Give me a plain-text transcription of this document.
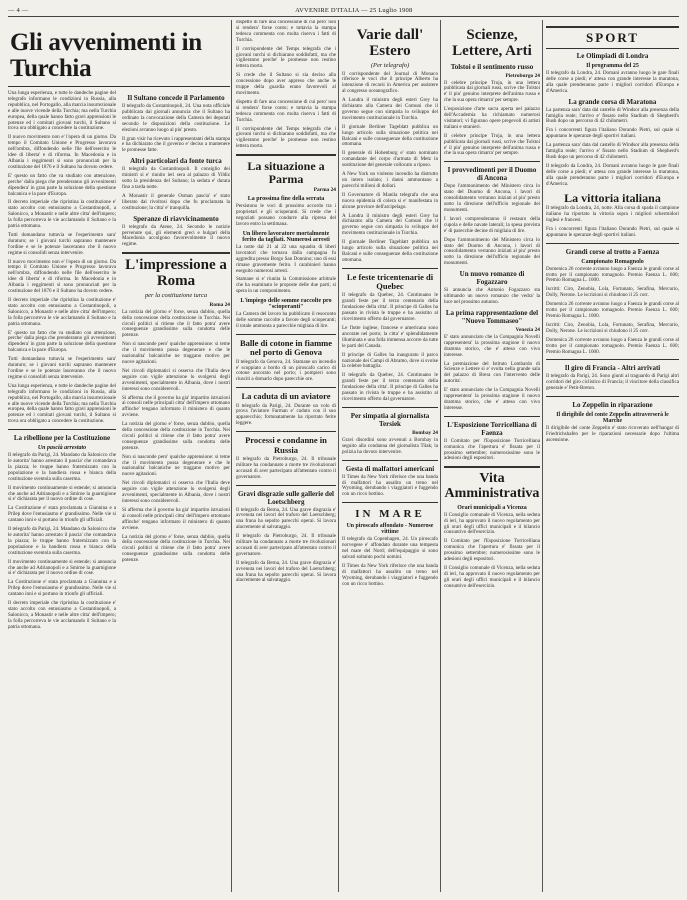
— 4 —	AVVENIRE D'ITALIA — 25 Luglio 1908
Gli avvenimenti in Turchia

Una lunga esperienza, e tutte le dandeche pagine del telegrafo informano le condizioni in Russia, alla repubblica, nel Portogallo, alla marcia insurrezionale e alle nuove vicende della Turchia; ma nella Turchia europea, della quale hanno fatto gravi apprensioni le potenze ed i comitati giovani turchi, il Sultano si trova ora obbligato a concedere la costituzione.

Il nuovo movimento non e' l'opera di un giorno. Da tempo il Comitato Unione e Progresso lavorava nell'ombra, diffondendo nelle file dell'esercito le idee di liberta' e di riforma. In Macedonia e in Albania i reggimenti si sono pronunciati per la costituzione del 1876 e il Sultano ha dovuto cedere.

E' questo un fatto che va studiato con attenzione, perche' dalla piega che prenderanno gli avvenimenti dipendera' in gran parte la soluzione della questione balcanica e la pace d'Europa.

Il decreto imperiale che ripristina la costituzione e' stato accolto con entusiasmo a Costantinopoli, a Salonicco, a Monastir e nelle altre citta' dell'impero; la folla percorreva le vie acclamando il Sultano e la patria ottomana.

Tutti domandano tuttavia se l'esperimento sara' duraturo; se i giovani turchi sapranno mantenere l'ordine e se le potenze lasceranno che il nuovo regime si consolidi senza intervenire.

Il nuovo movimento non e' l'opera di un giorno. Da tempo il Comitato Unione e Progresso lavorava nell'ombra, diffondendo nelle file dell'esercito le idee di liberta' e di riforma. In Macedonia e in Albania i reggimenti si sono pronunciati per la costituzione del 1876 e il Sultano ha dovuto cedere.

Il decreto imperiale che ripristina la costituzione e' stato accolto con entusiasmo a Costantinopoli, a Salonicco, a Monastir e nelle altre citta' dell'impero; la folla percorreva le vie acclamando il Sultano e la patria ottomana.

E' questo un fatto che va studiato con attenzione, perche' dalla piega che prenderanno gli avvenimenti dipendera' in gran parte la soluzione della questione balcanica e la pace d'Europa.

Tutti domandano tuttavia se l'esperimento sara' duraturo; se i giovani turchi sapranno mantenere l'ordine e se le potenze lasceranno che il nuovo regime si consolidi senza intervenire.

Una lunga esperienza, e tutte le dandeche pagine del telegrafo informano le condizioni in Russia, alla repubblica, nel Portogallo, alla marcia insurrezionale e alle nuove vicende della Turchia; ma nella Turchia europea, della quale hanno fatto gravi apprensioni le potenze ed i comitati giovani turchi, il Sultano si trova ora obbligato a concedere la costituzione.

La ribellione per la Costituzione
Un pascià arrestato

Il telegrafo da Parigi, 24. Mandano da Salonicco che le autorita' hanno arrestato il pascia' che comandava la piazza; le truppe hanno fraternizzato con la popolazione e la bandiera rossa e bianca della costituzione sventola sulla caserma.

Il movimento continuamente si estende; si annuncia che anche ad Adrianopoli e a Smirne la guarnigione si e' dichiarata per il nuovo ordine di cose.

La Costituzione e' stata proclamata a Giannina e a Prilep dove l'entusiasmo e' grandissimo. Nelle vie si cantano inni e si portano in trionfo gli ufficiali.

Il telegrafo da Parigi, 24. Mandano da Salonicco che le autorita' hanno arrestato il pascia' che comandava la piazza; le truppe hanno fraternizzato con la popolazione e la bandiera rossa e bianca della costituzione sventola sulla caserma.

Il movimento continuamente si estende; si annuncia che anche ad Adrianopoli e a Smirne la guarnigione si e' dichiarata per il nuovo ordine di cose.

La Costituzione e' stata proclamata a Giannina e a Prilep dove l'entusiasmo e' grandissimo. Nelle vie si cantano inni e si portano in trionfo gli ufficiali.

Il decreto imperiale che ripristina la costituzione e' stato accolto con entusiasmo a Costantinopoli, a Salonicco, a Monastir e nelle altre citta' dell'impero; la folla percorreva le vie acclamando il Sultano e la patria ottomana.

Il Sultano concede il Parlamento

Il telegrafo da Costantinopoli, 24. Una nota ufficiale pubblicata dai giornali annuncia che il Sultano ha ordinato la convocazione della Camera dei deputati secondo le disposizioni della costituzione. Le elezioni avranno luogo al piu' presto.

Il gran visir ha ricevuto i rappresentanti della stampa e ha dichiarato che il governo e' deciso a mantenere le promesse fatte.

Altri particolari da fonte turca

Il telegrafo da Costantinopoli. Il consiglio dei ministri si e' riunito ieri sera al palazzo di Yildiz sotto la presidenza del Sultano; la seduta e' durata fino a tarda notte.

A Monastir il generale Osman pascia' e' stato liberato dai rivoltosi dopo che fu proclamata la costituzione; la citta' e' tranquilla.

Speranze di riavvicinamento

Il telegrafo da Atene, 24. Secondo le notizie pervenute qui, gli elementi greci e bulgari della Macedonia accolgono favorevolmente il nuovo regime.

L'impressione a Roma
per la costituzione turca
Roma 24

La notizia del giorno e' forse, senza dubbio, quella della concessione della costituzione in Turchia. Nei circoli politici si ritiene che il fatto potra' avere conseguenze grandissime sulla condotta delle potenze.

Non si nasconde pero' qualche apprensione: si teme che il movimento possa degenerare e che le nazionalita' balcaniche ne traggano motivo per nuove agitazioni.

Nei circoli diplomatici si osserva che l'Italia deve seguire con vigile attenzione lo svolgersi degli avvenimenti, specialmente in Albania, dove i nostri interessi sono considerevoli.

Si afferma che il governo ha gia' impartito istruzioni ai consoli nelle principali citta' dell'impero ottomano affinche' tengano informato il ministero di quanto avviene.

La notizia del giorno e' forse, senza dubbio, quella della concessione della costituzione in Turchia. Nei circoli politici si ritiene che il fatto potra' avere conseguenze grandissime sulla condotta delle potenze.

Non si nasconde pero' qualche apprensione: si teme che il movimento possa degenerare e che le nazionalita' balcaniche ne traggano motivo per nuove agitazioni.

Nei circoli diplomatici si osserva che l'Italia deve seguire con vigile attenzione lo svolgersi degli avvenimenti, specialmente in Albania, dove i nostri interessi sono considerevoli.

Si afferma che il governo ha gia' impartito istruzioni ai consoli nelle principali citta' dell'impero ottomano affinche' tengano informato il ministero di quanto avviene.

La notizia del giorno e' forse, senza dubbio, quella della concessione della costituzione in Turchia. Nei circoli politici si ritiene che il fatto potra' avere conseguenze grandissime sulla condotta delle potenze.

dispetto di fare una concessione di cui pero' non si rendera' forse conto; e tuttavia la stampa tedesca commenta con molta riserva i fatti di Turchia.

Il corrispondente del Temps telegrafa che i giovani turchi si dichiarano soddisfatti, ma che vigileranno perche' le promesse non restino lettera morta.

Si crede che il Sultano si sia deciso alla concessione dopo aver appreso che anche le truppe della guardia erano favorevoli al movimento.

dispetto di fare una concessione di cui pero' non si rendera' forse conto; e tuttavia la stampa tedesca commenta con molta riserva i fatti di Turchia.

Il corrispondente del Temps telegrafa che i giovani turchi si dichiarano soddisfatti, ma che vigileranno perche' le promesse non restino lettera morta.

La situazione a Parma
Parma 24
La prossima fine della serrata

Persistono le voci di prossimo accordo tra i proprietari e gli scioperanti. Si crede che i negoziati possano condurre alla ripresa del lavoro entro la settimana.

Un libero lavoratore mortalmente ferito da tagliati. Numerosi arresti

La notte dal 21 al 22 una squadra di liberi lavoratori che tornava dalla campagna fu aggredita presso Borgo San Donnino; uno di essi rimase gravemente ferito. I carabinieri hanno eseguito numerosi arresti.

Stamane si e' riunita la Commissione arbitrale che ha esaminato le proposte delle due parti; si spera in un componimento.

L'impiego delle somme raccolte pro "scioperanti"

La Camera del lavoro ha pubblicato il resoconto delle somme raccolte a favore degli scioperanti; il totale ammonta a parecchie migliaia di lire.

Balle di cotone in fiamme nel porto di Genova

Il telegrafo da Genova, 24. Stamane un incendio e' scoppiato a bordo di un piroscafo carico di cotone ancorato nel porto; i pompieri sono riusciti a domarlo dopo parecchie ore.

La caduta di un aviatore

Il telegrafo da Parigi, 24. Durante un volo di prova l'aviatore Farman e' caduto con il suo apparecchio; fortunatamente ha riportato ferite leggere.

Processi e condanne in Russia

Il telegrafo da Pietroburgo, 24. Il tribunale militare ha condannato a morte tre rivoluzionari accusati di aver partecipato all'attentato contro il governatore.

Gravi disgrazie sulle gallerie del Loetschberg

Il telegrafo da Berna, 24. Una grave disgrazia e' avvenuta nei lavori del traforo del Loetschberg; una frana ha sepolto parecchi operai. Si lavora alacremente al salvataggio.

Il telegrafo da Pietroburgo, 24. Il tribunale militare ha condannato a morte tre rivoluzionari accusati di aver partecipato all'attentato contro il governatore.

Il telegrafo da Berna, 24. Una grave disgrazia e' avvenuta nei lavori del traforo del Loetschberg; una frana ha sepolto parecchi operai. Si lavora alacremente al salvataggio.

Varie dall' Estero
(Per telegrafo)

Il corrispondente del Journal di Monaco riferisce le voci che il principe Alberto ha intenzione di recarsi in America per assistere al congresso oceanografico.

A Londra il ministro degli esteri Grey ha dichiarato alla Camera dei Comuni che il governo segue con simpatia lo sviluppo del movimento costituzionale in Turchia.

Il giornale Berliner Tageblatt pubblica un lungo articolo sulla situazione politica nei Balcani e sulle conseguenze della costituzione ottomana.

Il generale di Hohenburg e' stato nominato comandante del corpo d'armata di Metz in sostituzione del generale collocato a riposo.

A New York un violento incendio ha distrutto un intero isolato; i danni ammontano a parecchi milioni di dollari.

Il Governatore di Manila telegrafa che una nuova epidemia di colera si e' manifestata in alcune province dell'arcipelago.

A Londra il ministro degli esteri Grey ha dichiarato alla Camera dei Comuni che il governo segue con simpatia lo sviluppo del movimento costituzionale in Turchia.

Il giornale Berliner Tageblatt pubblica un lungo articolo sulla situazione politica nei Balcani e sulle conseguenze della costituzione ottomana.

Le feste tricentenarie di Quebec

Il telegrafo da Quebec, 24. Continuano le grandi feste per il terzo centenario della fondazione della citta'. Il principe di Galles ha passato in rivista le truppe e ha assistito al ricevimento offerto dal governatore.

Le flotte inglese, francese e americana sono ancorate nel porto; la citta' e' splendidamente illuminata e una folla immensa accorre da tutte le parti del Canada.

Il principe di Galles ha inaugurato il parco nazionale dei Campi di Abramo, dove si svolse la celebre battaglia.

Il telegrafo da Quebec, 24. Continuano le grandi feste per il terzo centenario della fondazione della citta'. Il principe di Galles ha passato in rivista le truppe e ha assistito al ricevimento offerto dal governatore.

Per simpatia al giornalista Tersiek
Bombay 24

Gravi disordini sono avvenuti a Bombay in seguito alla condanna del giornalista Tilak; la polizia ha dovuto intervenire.

Gesta di malfattori americani

Il Times da New York riferisce che una banda di malfattori ha assalito un treno nel Wyoming, derubando i viaggiatori e fuggendo con un ricco bottino.

IN MARE
Un piroscafo affondato - Numerose vittime

Il telegrafo da Copenhagen, 24. Un piroscafo norvegese e' affondato durante una tempesta nel mare del Nord; dell'equipaggio si sono salvati soltanto pochi uomini.

Il Times da New York riferisce che una banda di malfattori ha assalito un treno nel Wyoming, derubando i viaggiatori e fuggendo con un ricco bottino.

Scienze, Lettere, Arti
Tolstoi e il sentimento russo
Pietroburgo 24

Il celebre principe Troja, in una lettera pubblicata dai giornali russi, scrive che Tolstoi e' il piu' genuino interprete dell'anima russa e che la sua opera rimarra' per sempre.

L'esposizione d'arte sacra aperta nel palazzo dell'Accademia ha richiamato numerosi visitatori; vi figurano opere pregevoli di artisti italiani e stranieri.

Il celebre principe Troja, in una lettera pubblicata dai giornali russi, scrive che Tolstoi e' il piu' genuino interprete dell'anima russa e che la sua opera rimarra' per sempre.

I provvedimenti per il Duomo di Ancona

Dopo l'ammonimento del Ministero circa lo stato del Duomo di Ancona, i lavori di consolidamento verranno iniziati al piu' presto sotto la direzione dell'ufficio regionale dei monumenti.

I lavori comprenderanno il restauro della cupola e delle navate laterali; la spesa prevista e' di parecchie decine di migliaia di lire.

Dopo l'ammonimento del Ministero circa lo stato del Duomo di Ancona, i lavori di consolidamento verranno iniziati al piu' presto sotto la direzione dell'ufficio regionale dei monumenti.

Un nuovo romanzo di Fogazzaro

Si annuncia che Antonio Fogazzaro sta ultimando un nuovo romanzo che vedra' la luce nel prossimo autunno.

La prima rappresentazione del "Nuovo Tommaseo"
Venezia 24

E' stato annunciato che la Compagnia Novelli rappresentera' la prossima stagione il nuovo dramma storico, che e' atteso con vivo interesse.

La premiazione del Istituto Lombardo di Scienze e Lettere si e' svolta nella grande sala del palazzo di Brera con l'intervento delle autorita'.

E' stato annunciato che la Compagnia Novelli rappresentera' la prossima stagione il nuovo dramma storico, che e' atteso con vivo interesse.

L'Esposizione Torricelliana di Faenza

Il Comitato per l'Esposizione Torricelliana comunica che l'apertura e' fissata per il prossimo settembre; numerosissime sono le adesioni degli espositori.

Vita Amministrativa
Orari municipali a Vicenza

Il Consiglio comunale di Vicenza, nella seduta di ieri, ha approvato il nuovo regolamento per gli orari degli uffici municipali e il bilancio consuntivo dell'esercizio.

Il Comitato per l'Esposizione Torricelliana comunica che l'apertura e' fissata per il prossimo settembre; numerosissime sono le adesioni degli espositori.

Il Consiglio comunale di Vicenza, nella seduta di ieri, ha approvato il nuovo regolamento per gli orari degli uffici municipali e il bilancio consuntivo dell'esercizio.

SPORT
Le Olimpiadi di Londra
Il programma del 25

Il telegrafo da Londra, 24. Domani avranno luogo le gare finali delle corse a piedi; e' attesa con grande interesse la maratona, alla quale prenderanno parte i migliori corridori d'Europa e d'America.

La grande corsa di Maratona

La partenza sara' data dal castello di Windsor alla presenza della famiglia reale; l'arrivo e' fissato nello Stadium di Shepherd's Bush dopo un percorso di 42 chilometri.

Fra i concorrenti figura l'italiano Dorando Pietri, sul quale si appuntano le speranze degli sportivi italiani.

La partenza sara' data dal castello di Windsor alla presenza della famiglia reale; l'arrivo e' fissato nello Stadium di Shepherd's Bush dopo un percorso di 42 chilometri.

Il telegrafo da Londra, 24. Domani avranno luogo le gare finali delle corse a piedi; e' attesa con grande interesse la maratona, alla quale prenderanno parte i migliori corridori d'Europa e d'America.

La vittoria italiana

Il telegrafo da Londra, 24, notte. Alla corsa di spada il campione italiano ha riportato la vittoria sopra i migliori schermidori inglesi e francesi.

Fra i concorrenti figura l'italiano Dorando Pietri, sul quale si appuntano le speranze degli sportivi italiani.

Grandi corse al trotto a Faenza
Campionato Romagnolo

Domenica 26 corrente avranno luogo a Faenza le grandi corse al trotto per il campionato romagnolo. Premio Faenza L. 600; Premio Romagna L. 1000.

Iscritti: Ciro, Zenobia, Lola, Fortunato, Serafina, Mercurio, Dolly, Nerone. Le iscrizioni si chiudono il 25 corr.

Domenica 26 corrente avranno luogo a Faenza le grandi corse al trotto per il campionato romagnolo. Premio Faenza L. 600; Premio Romagna L. 1000.

Iscritti: Ciro, Zenobia, Lola, Fortunato, Serafina, Mercurio, Dolly, Nerone. Le iscrizioni si chiudono il 25 corr.

Domenica 26 corrente avranno luogo a Faenza le grandi corse al trotto per il campionato romagnolo. Premio Faenza L. 600; Premio Romagna L. 1000.

Il giro di Francia - Altri arrivati

Il telegrafo da Parigi, 24. Sono giunti al traguardo di Parigi altri corridori del giro ciclistico di Francia; il vincitore della classifica generale e' Petit-Breton.

Lo Zeppelin in riparazione
Il dirigibile del conte Zeppelin attraverserà le Marche

Il dirigibile del conte Zeppelin e' stato ricoverato nell'hangar di Friedrichshafen per le riparazioni necessarie dopo l'ultima ascensione.
